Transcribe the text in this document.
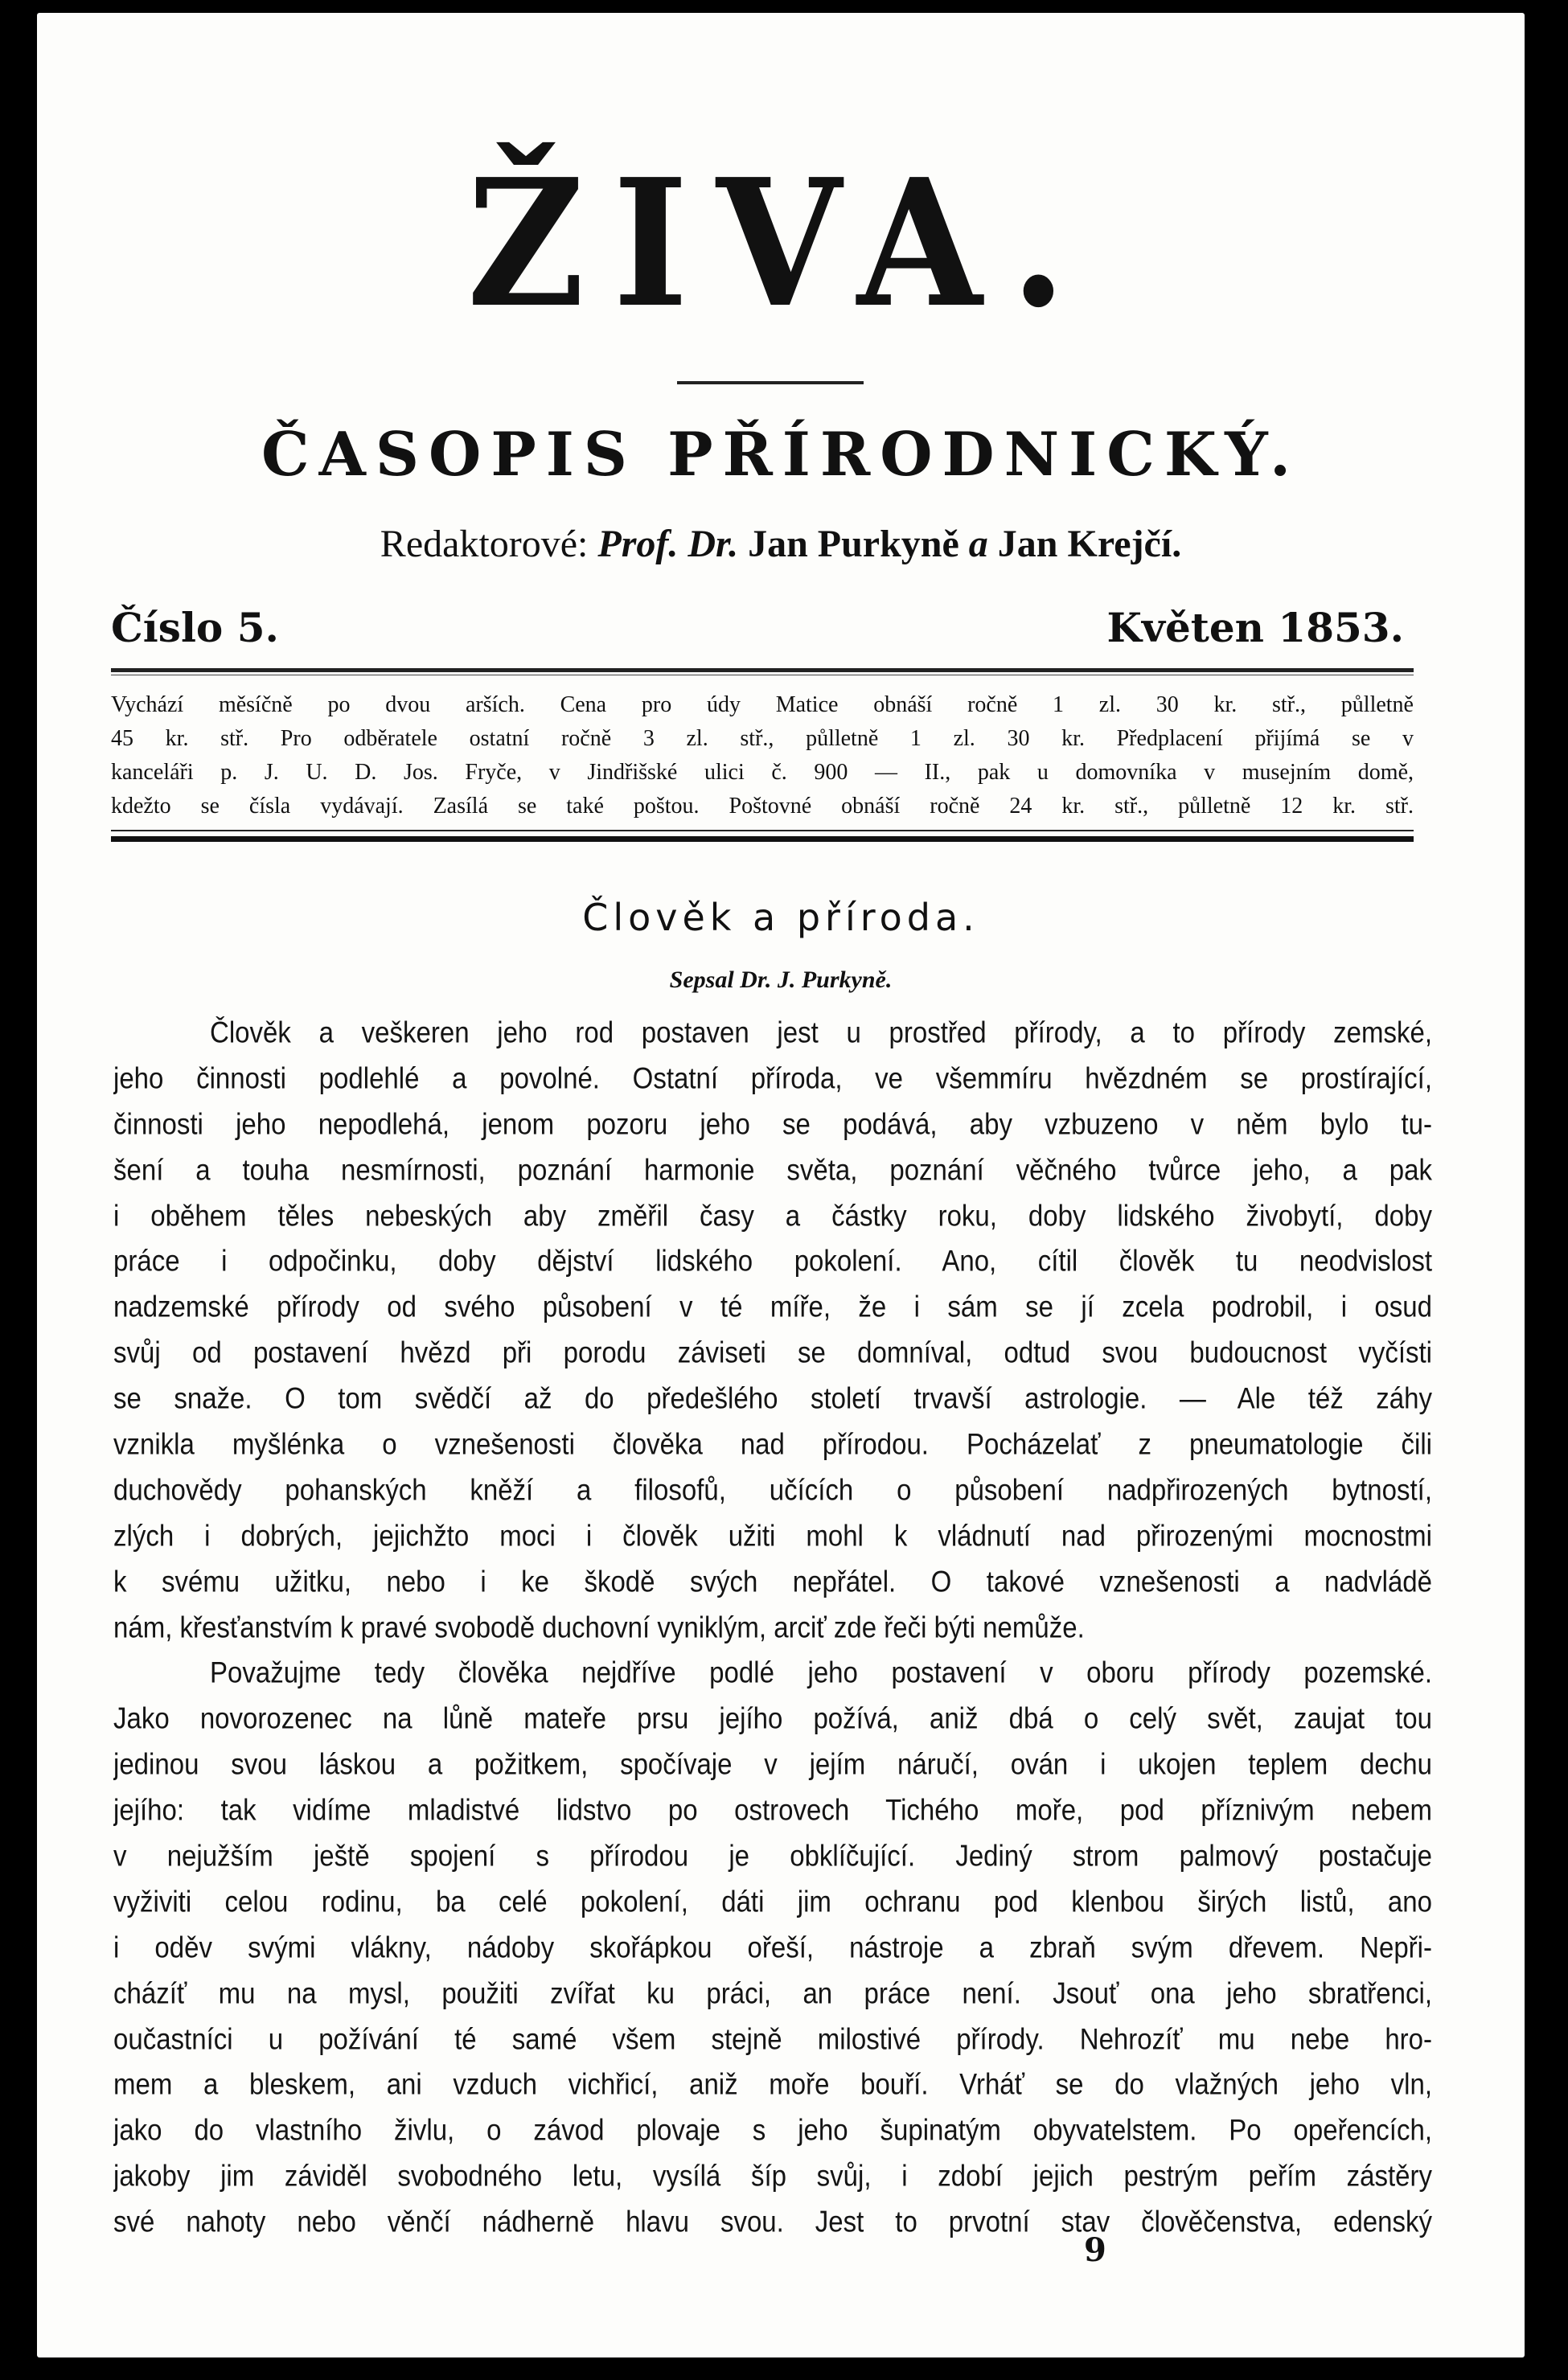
ŽIVA.
ČASOPIS PŘÍRODNICKÝ.
Redaktorové: Prof. Dr. Jan Purkyně a Jan Krejčí.
Číslo 5.	Květen 1853.
Vychází měsíčně po dvou arších. Cena pro údy Matice obnáší ročně 1 zl. 30 kr. stř., půlletně
45 kr. stř. Pro odběratele ostatní ročně 3 zl. stř., půlletně 1 zl. 30 kr. Předplacení přijímá se v
kanceláři p. J. U. D. Jos. Fryče, v Jindřišské ulici č. 900 — II., pak u domovníka v musejním domě,
kdežto se čísla vydávají. Zasílá se také poštou. Poštovné obnáší ročně 24 kr. stř., půlletně 12 kr. stř.
Člověk a příroda.
Sepsal Dr. J. Purkyně.
Člověk a veškeren jeho rod postaven jest u prostřed přírody, a to přírody zemské,
jeho činnosti podlehlé a povolné. Ostatní příroda, ve všemmíru hvězdném se prostírající,
činnosti jeho nepodlehá, jenom pozoru jeho se podává, aby vzbuzeno v něm bylo tu-
šení a touha nesmírnosti, poznání harmonie světa, poznání věčného tvůrce jeho, a pak
i oběhem těles nebeských aby změřil časy a částky roku, doby lidského živobytí, doby
práce i odpočinku, doby dějství lidského pokolení. Ano, cítil člověk tu neodvislost
nadzemské přírody od svého působení v té míře, že i sám se jí zcela podrobil, i osud
svůj od postavení hvězd při porodu záviseti se domníval, odtud svou budoucnost vyčísti
se snaže. O tom svědčí až do předešlého století trvavší astrologie. — Ale též záhy
vznikla myšlénka o vznešenosti člověka nad přírodou. Pocházelať z pneumatologie čili
duchovědy pohanských kněží a filosofů, učících o působení nadpřirozených bytností,
zlých i dobrých, jejichžto moci i člověk užiti mohl k vládnutí nad přirozenými mocnostmi
k svému užitku, nebo i ke škodě svých nepřátel. O takové vznešenosti a nadvládě
nám, křesťanstvím k pravé svobodě duchovní vyniklým, arciť zde řeči býti nemůže.
Považujme tedy člověka nejdříve podlé jeho postavení v oboru přírody pozemské.
Jako novorozenec na lůně mateře prsu jejího požívá, aniž dbá o celý svět, zaujat tou
jedinou svou láskou a požitkem, spočívaje v jejím náručí, ován i ukojen teplem dechu
jejího: tak vidíme mladistvé lidstvo po ostrovech Tichého moře, pod příznivým nebem
v nejužším ještě spojení s přírodou je obklíčující. Jediný strom palmový postačuje
vyživiti celou rodinu, ba celé pokolení, dáti jim ochranu pod klenbou širých listů, ano
i oděv svými vlákny, nádoby skořápkou ořeší, nástroje a zbraň svým dřevem. Nepři-
cházíť mu na mysl, použiti zvířat ku práci, an práce není. Jsouť ona jeho sbratřenci,
oučastníci u požívání té samé všem stejně milostivé přírody. Nehrozíť mu nebe hro-
mem a bleskem, ani vzduch vichřicí, aniž moře bouří. Vrháť se do vlažných jeho vln,
jako do vlastního živlu, o závod plovaje s jeho šupinatým obyvatelstem. Po opeřencích,
jakoby jim záviděl svobodného letu, vysílá šíp svůj, i zdobí jejich pestrým peřím zástěry
své nahoty nebo věnčí nádherně hlavu svou. Jest to prvotní stav člověčenstva, edenský
9
